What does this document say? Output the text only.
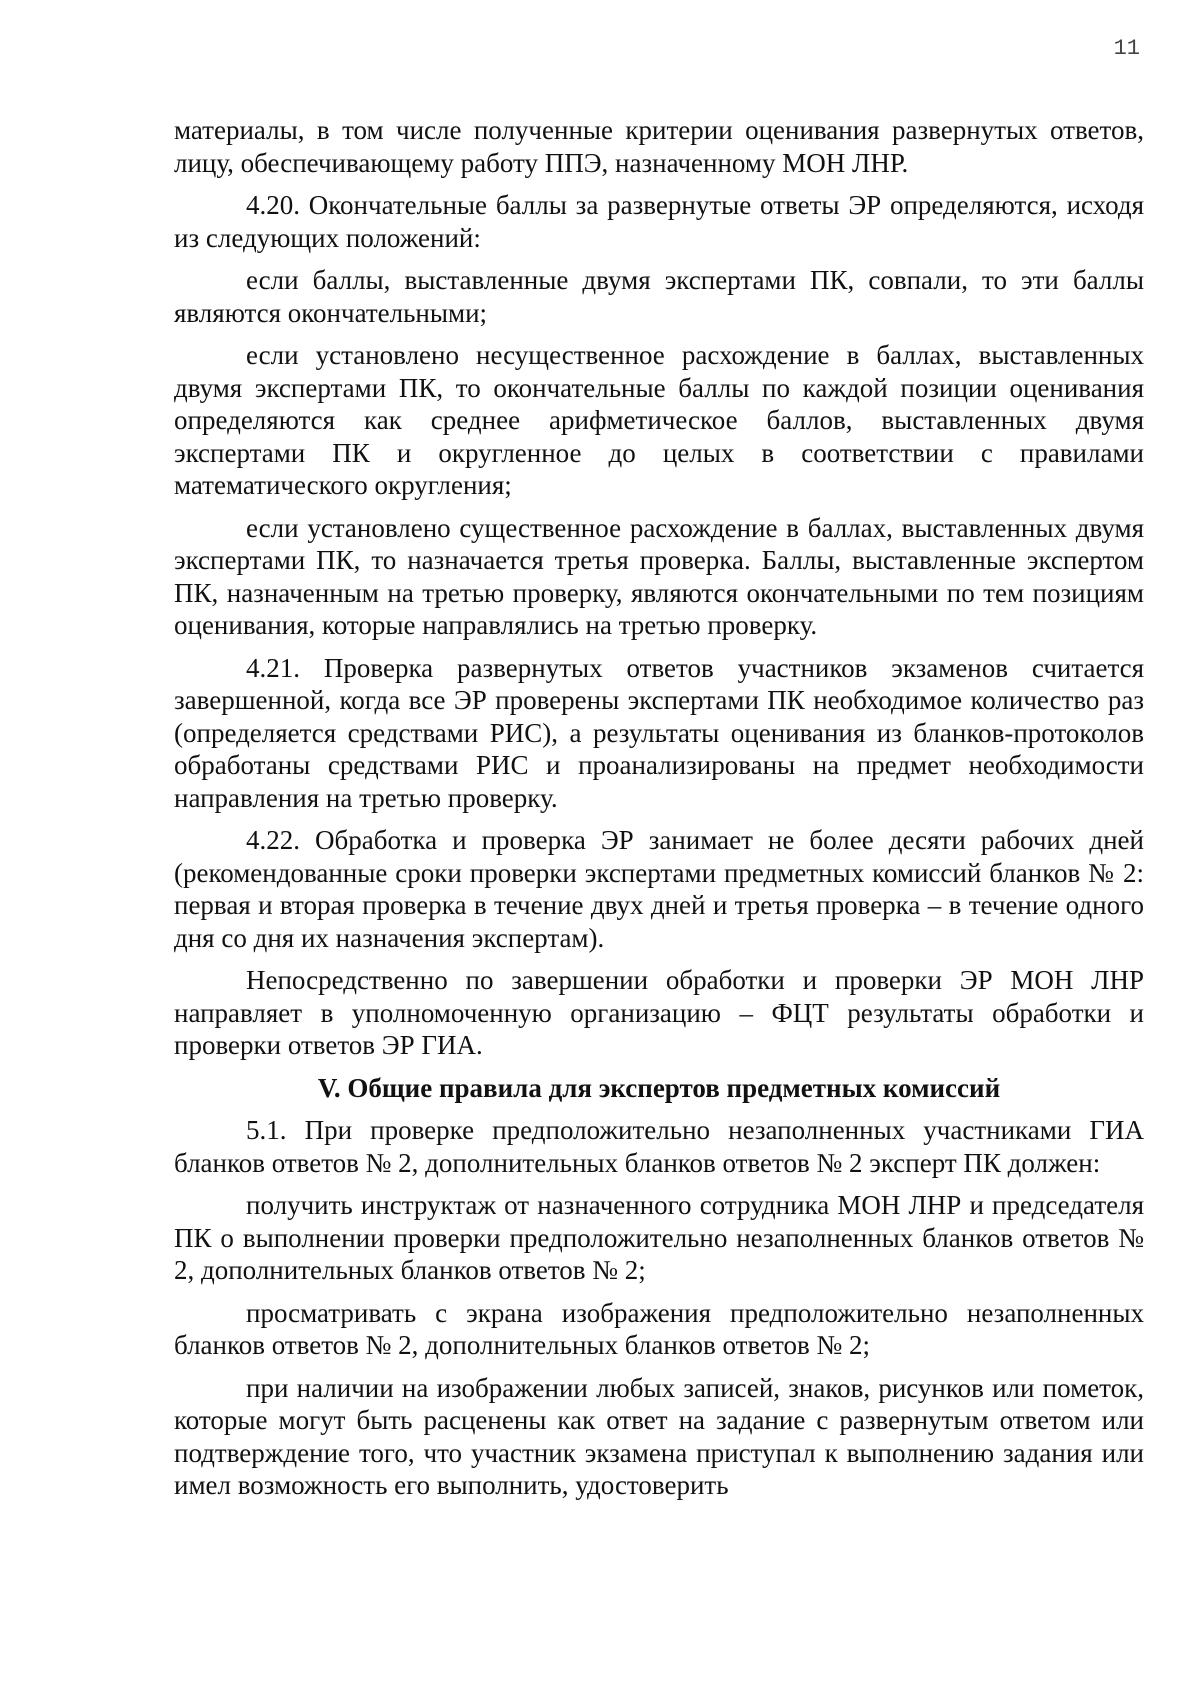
11

материалы, в том числе полученные критерии оценивания развернутых ответов, лицу, обеспечивающему работу ППЭ, назначенному МОН ЛНР.

4.20. Окончательные баллы за развернутые ответы ЭР определяются, исходя из следующих положений:

если баллы, выставленные двумя экспертами ПК, совпали, то эти баллы являются окончательными;

если установлено несущественное расхождение в баллах, выставленных двумя экспертами ПК, то окончательные баллы по каждой позиции оценивания определяются как среднее арифметическое баллов, выставленных двумя экспертами ПК и округленное до целых в соответствии с правилами математического округления;

если установлено существенное расхождение в баллах, выставленных двумя экспертами ПК, то назначается третья проверка. Баллы, выставленные экспертом ПК, назначенным на третью проверку, являются окончательными по тем позициям оценивания, которые направлялись на третью проверку.

4.21. Проверка развернутых ответов участников экзаменов считается завершенной, когда все ЭР проверены экспертами ПК необходимое количество раз (определяется средствами РИС), а результаты оценивания из бланков-протоколов обработаны средствами РИС и проанализированы на предмет необходимости направления на третью проверку.

4.22. Обработка и проверка ЭР занимает не более десяти рабочих дней (рекомендованные сроки проверки экспертами предметных комиссий бланков № 2: первая и вторая проверка в течение двух дней и третья проверка – в течение одного дня со дня их назначения экспертам).

Непосредственно по завершении обработки и проверки ЭР МОН ЛНР направляет в уполномоченную организацию – ФЦТ результаты обработки и проверки ответов ЭР ГИА.

V. Общие правила для экспертов предметных комиссий

5.1. При проверке предположительно незаполненных участниками ГИА бланков ответов № 2, дополнительных бланков ответов № 2 эксперт ПК должен:

получить инструктаж от назначенного сотрудника МОН ЛНР и председателя ПК о выполнении проверки предположительно незаполненных бланков ответов № 2, дополнительных бланков ответов № 2;

просматривать с экрана изображения предположительно незаполненных бланков ответов № 2, дополнительных бланков ответов № 2;

при наличии на изображении любых записей, знаков, рисунков или пометок, которые могут быть расценены как ответ на задание с развернутым ответом или подтверждение того, что участник экзамена приступал к выполнению задания или имел возможность его выполнить, удостоверить
